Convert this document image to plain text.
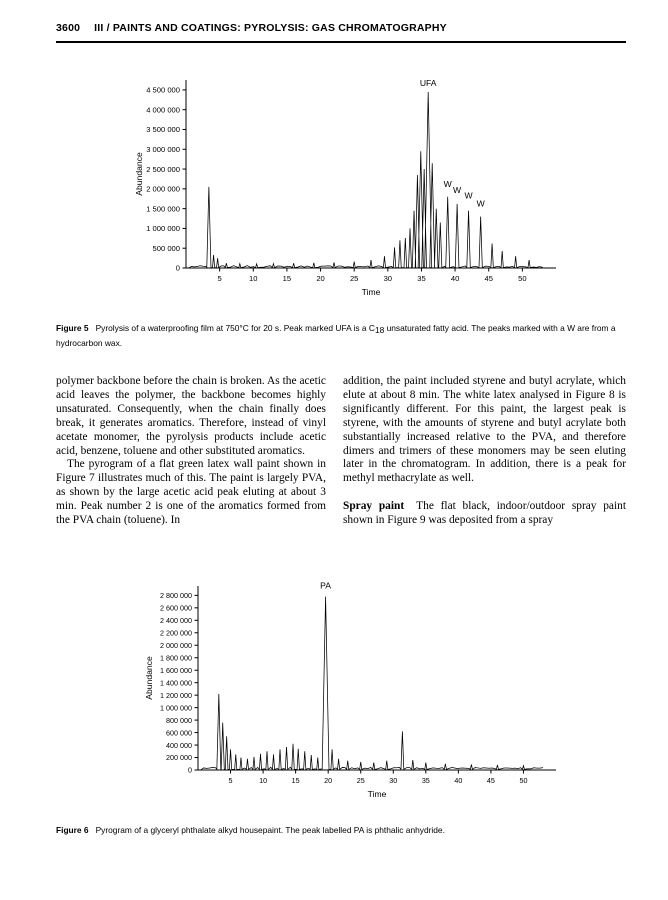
3600 III / PAINTS AND COATINGS: PYROLYSIS: GAS CHROMATOGRAPHY
0
500 000
1 000 000
1 500 000
2 000 000
2 500 000
3 000 000
3 500 000
4 000 000
4 500 000
5	10	15	20	25	30	35	40	45	50
Time
Abundance
UFA
W
W
W
W
Figure 5 Pyrolysis of a waterproofing film at 750°C for 20 s. Peak marked UFA is a C18 unsaturated fatty acid. The peaks marked with a W are from a hydrocarbon wax.

polymer backbone before the chain is broken. As the acetic acid leaves the polymer, the backbone becomes highly unsaturated. Consequently, when the chain finally does break, it generates aromatics. Therefore, instead of vinyl acetate monomer, the pyrolysis products include acetic acid, benzene, toluene and other substituted aromatics.

The pyrogram of a flat green latex wall paint shown in Figure 7 illustrates much of this. The paint is largely PVA, as shown by the large acetic acid peak eluting at about 3 min. Peak number 2 is one of the aromatics formed from the PVA chain (toluene). In

addition, the paint included styrene and butyl acrylate, which elute at about 8 min. The white latex analysed in Figure 8 is significantly different. For this paint, the largest peak is styrene, with the amounts of styrene and butyl acrylate both substantially increased relative to the PVA, and therefore dimers and trimers of these monomers may be seen eluting later in the chromatogram. In addition, there is a peak for methyl methacrylate as well.

Spray paint The flat black, indoor/outdoor spray paint shown in Figure 9 was deposited from a spray

0
200 000
400 000
600 000
800 000
1 000 000
1 200 000
1 400 000
1 600 000
1 800 000
2 000 000
2 200 000
2 400 000
2 600 000
2 800 000
5	10	15	20	25	30	35	40	45	50
Time
Abundance
PA
Figure 6 Pyrogram of a glyceryl phthalate alkyd housepaint. The peak labelled PA is phthalic anhydride.
